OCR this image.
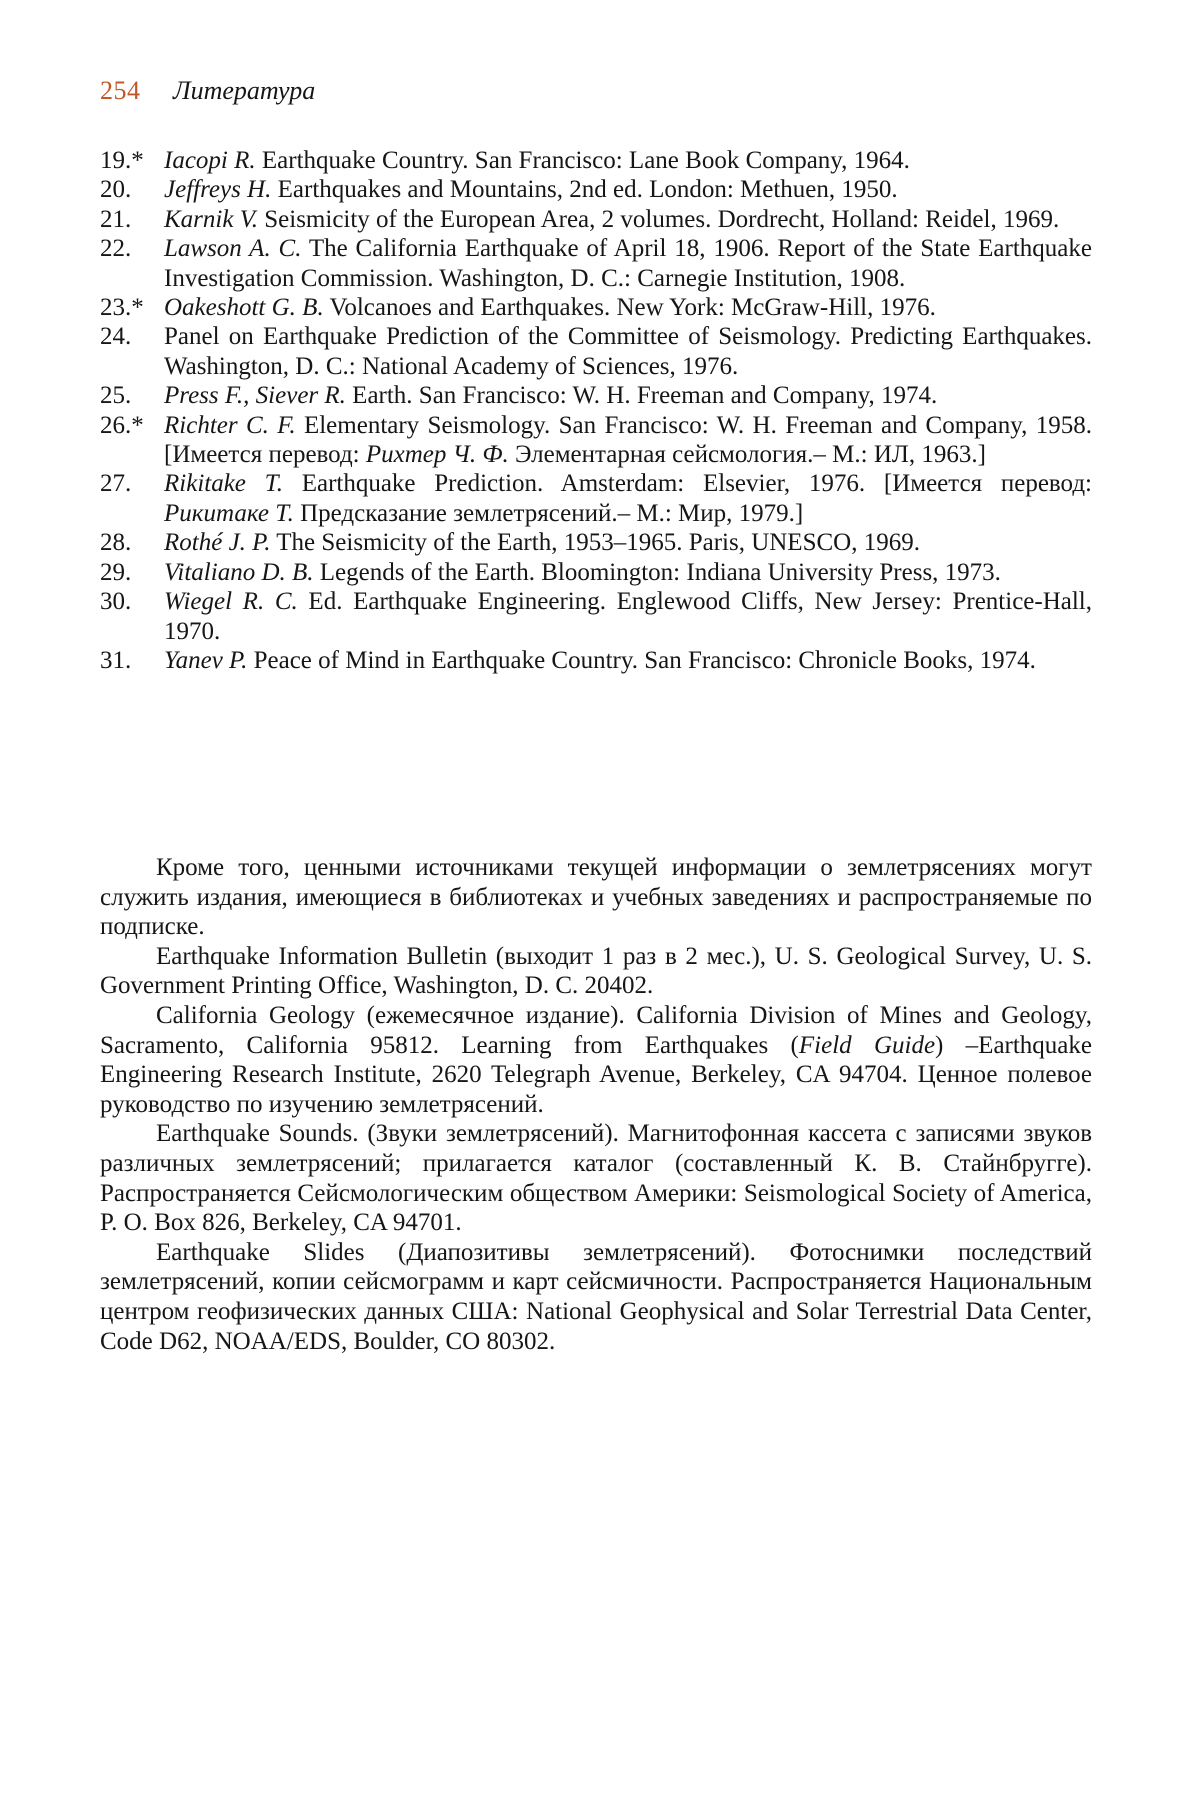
254 Литература
19.* Iacopi R. Earthquake Country. San Francisco: Lane Book Company, 1964.
20.	Jeffreys H. Earthquakes and Mountains, 2nd ed. London: Methuen, 1950.
21.	Karnik V. Seismicity of the European Area, 2 volumes. Dordrecht, Holland: Reidel, 1969.
22.	Lawson A. C. The California Earthquake of April 18, 1906. Report of the State Earthquake Investigation Commission. Washington, D. C.: Carnegie Institution, 1908.
23.* Oakeshott G. B. Volcanoes and Earthquakes. New York: McGraw-Hill, 1976.
24.	Panel on Earthquake Prediction of the Committee of Seismology. Predicting Earthquakes. Washington, D. C.: National Academy of Sciences, 1976.
25.	Press F., Siever R. Earth. San Francisco: W. H. Freeman and Company, 1974.
26.* Richter C. F. Elementary Seismology. San Francisco: W. H. Freeman and Company, 1958. [Имеется перевод: Рихтер Ч. Ф. Элементарная сейсмология.– М.: ИЛ, 1963.]
27.	Rikitake T. Earthquake Prediction. Amsterdam: Elsevier, 1976. [Имеется перевод: Рикитаке Т. Предсказание землетрясений.– М.: Мир, 1979.]
28.	Rothé J. P. The Seismicity of the Earth, 1953–1965. Paris, UNESCO, 1969.
29.	Vitaliano D. B. Legends of the Earth. Bloomington: Indiana University Press, 1973.
30.	Wiegel R. C. Ed. Earthquake Engineering. Englewood Cliffs, New Jersey: Prentice-Hall, 1970.
31.	Yanev P. Peace of Mind in Earthquake Country. San Francisco: Chronicle Books, 1974.

Кроме того, ценными источниками текущей информации о землетрясениях могут служить издания, имеющиеся в библиотеках и учебных заведениях и распространяемые по подписке.

Earthquake Information Bulletin (выходит 1 раз в 2 мес.), U. S. Geological Survey, U. S. Government Printing Office, Washington, D. C. 20402.

California Geology (ежемесячное издание). California Division of Mines and Geology, Sacramento, California 95812. Learning from Earthquakes (Field Guide) –Earthquake Engineering Research Institute, 2620 Telegraph Avenue, Berkeley, CA 94704. Ценное полевое руководство по изучению землетрясений.

Earthquake Sounds. (Звуки землетрясений). Магнитофонная кассета с записями звуков различных землетрясений; прилагается каталог (составленный К. В. Стайнбругге). Распространяется Сейсмологическим обществом Америки: Seismological Society of America, P. O. Box 826, Berkeley, CA 94701.

Earthquake Slides (Диапозитивы землетрясений). Фотоснимки последствий землетрясений, копии сейсмограмм и карт сейсмичности. Распространяется Национальным центром геофизических данных США: National Geophysical and Solar Terrestrial Data Center, Code D62, NOAA/EDS, Boulder, CO 80302.
